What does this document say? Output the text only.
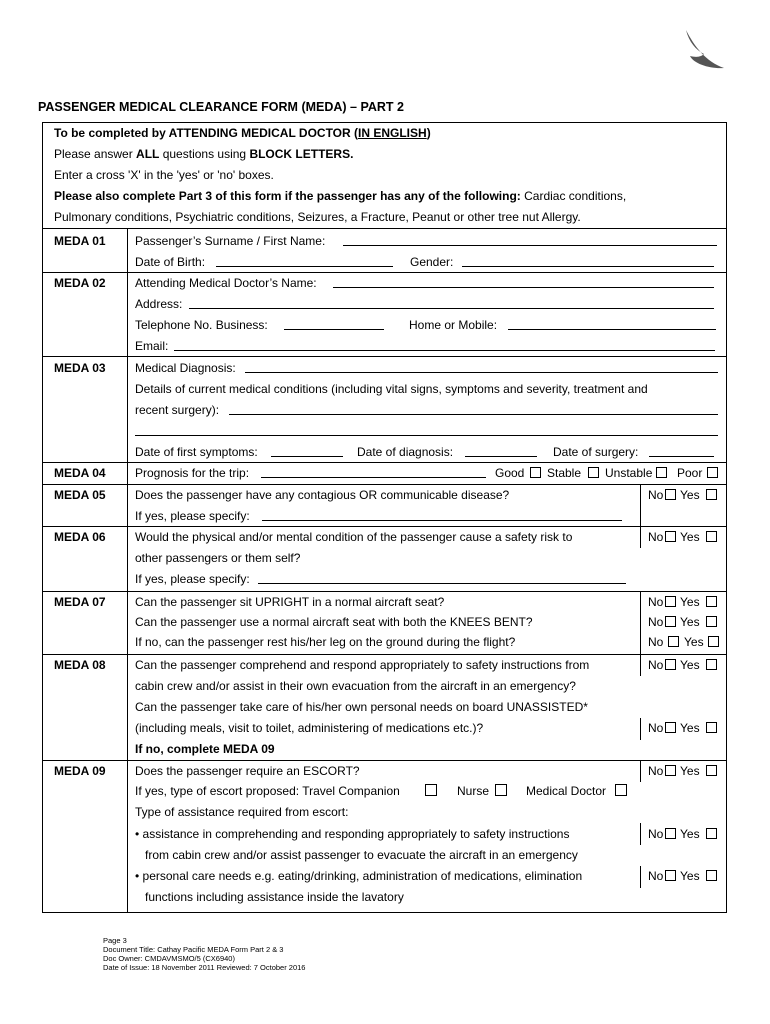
PASSENGER MEDICAL CLEARANCE FORM (MEDA) – PART 2
To be completed by ATTENDING MEDICAL DOCTOR (IN ENGLISH)
Please answer ALL questions using BLOCK LETTERS.
Enter a cross 'X' in the 'yes' or 'no' boxes.
Please also complete Part 3 of this form if the passenger has any of the following: Cardiac conditions,
Pulmonary conditions, Psychiatric conditions, Seizures, a Fracture, Peanut or other tree nut Allergy.
MEDA 01 Passenger’s Surname / First Name:
Date of Birth:	Gender:
MEDA 02 Attending Medical Doctor’s Name:
Address:
Telephone No. Business:	Home or Mobile:
Email:
MEDA 03 Medical Diagnosis:
Details of current medical conditions (including vital signs, symptoms and severity, treatment and
recent surgery):
Date of first symptoms:	Date of diagnosis:	Date of surgery:
MEDA 04 Prognosis for the trip:	Good Stable Unstable Poor
MEDA 05 Does the passenger have any contagious OR communicable disease?	No Yes
If yes, please specify:
MEDA 06 Would the physical and/or mental condition of the passenger cause a safety risk to	No Yes
other passengers or them self?
If yes, please specify:
MEDA 07 Can the passenger sit UPRIGHT in a normal aircraft seat?	No Yes
Can the passenger use a normal aircraft seat with both the KNEES BENT?	No Yes
If no, can the passenger rest his/her leg on the ground during the flight?	No Yes
MEDA 08 Can the passenger comprehend and respond appropriately to safety instructions from	No Yes
cabin crew and/or assist in their own evacuation from the aircraft in an emergency?
Can the passenger take care of his/her own personal needs on board UNASSISTED*
(including meals, visit to toilet, administering of medications etc.)?	No Yes
If no, complete MEDA 09
MEDA 09 Does the passenger require an ESCORT?	No Yes
If yes, type of escort proposed: Travel Companion	Nurse	Medical Doctor
Type of assistance required from escort:
• assistance in comprehending and responding appropriately to safety instructions	No Yes
from cabin crew and/or assist passenger to evacuate the aircraft in an emergency
• personal care needs e.g. eating/drinking, administration of medications, elimination	No Yes
functions including assistance inside the lavatory
Page 3
Document Title: Cathay Pacific MEDA Form Part 2 & 3
Doc Owner: CMDAVMSMO/5 (CX6940)
Date of Issue: 18 November 2011 Reviewed: 7 October 2016
